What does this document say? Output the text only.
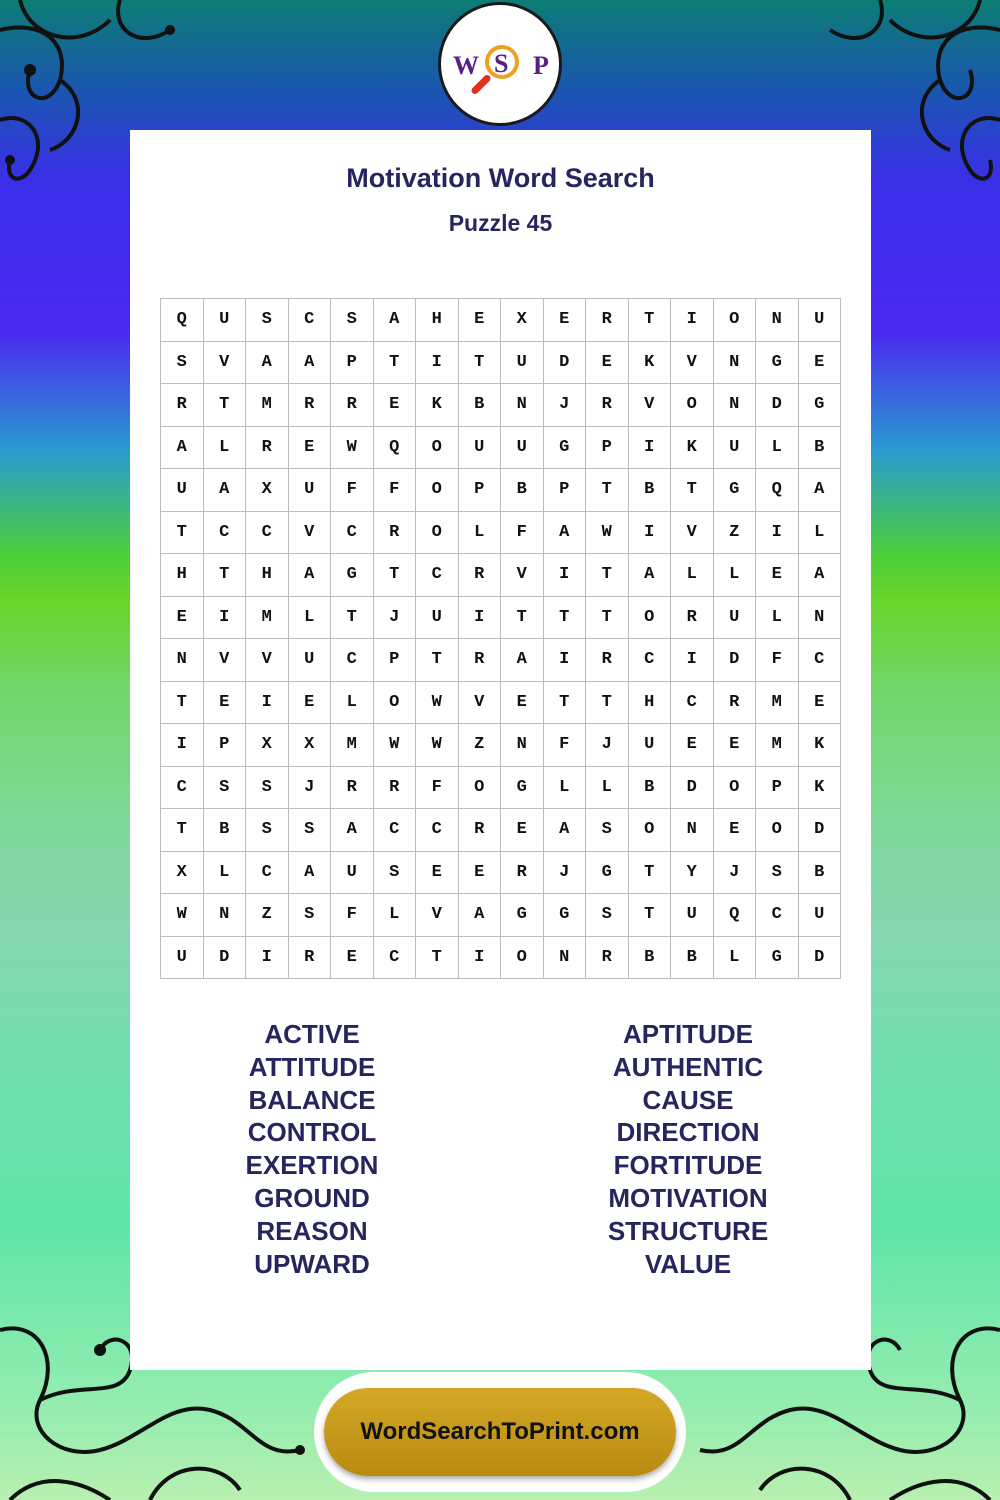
W S P
Motivation Word Search
Puzzle 45
Q	U	S	C	S	A	H	E	X	E	R	T	I	O	N	U
S	V	A	A	P	T	I	T	U	D	E	K	V	N	G	E
R	T	M	R	R	E	K	B	N	J	R	V	O	N	D	G
A	L	R	E	W	Q	O	U	U	G	P	I	K	U	L	B
U	A	X	U	F	F	O	P	B	P	T	B	T	G	Q	A
T	C	C	V	C	R	O	L	F	A	W	I	V	Z	I	L
H	T	H	A	G	T	C	R	V	I	T	A	L	L	E	A
E	I	M	L	T	J	U	I	T	T	T	O	R	U	L	N
N	V	V	U	C	P	T	R	A	I	R	C	I	D	F	C
T	E	I	E	L	O	W	V	E	T	T	H	C	R	M	E
I	P	X	X	M	W	W	Z	N	F	J	U	E	E	M	K
C	S	S	J	R	R	F	O	G	L	L	B	D	O	P	K
T	B	S	S	A	C	C	R	E	A	S	O	N	E	O	D
X	L	C	A	U	S	E	E	R	J	G	T	Y	J	S	B
W	N	Z	S	F	L	V	A	G	G	S	T	U	Q	C	U
U	D	I	R	E	C	T	I	O	N	R	B	B	L	G	D
ACTIVE
ATTITUDE
BALANCE
CONTROL
EXERTION
GROUND
REASON
UPWARD
APTITUDE
AUTHENTIC
CAUSE
DIRECTION
FORTITUDE
MOTIVATION
STRUCTURE
VALUE
WordSearchToPrint.com
